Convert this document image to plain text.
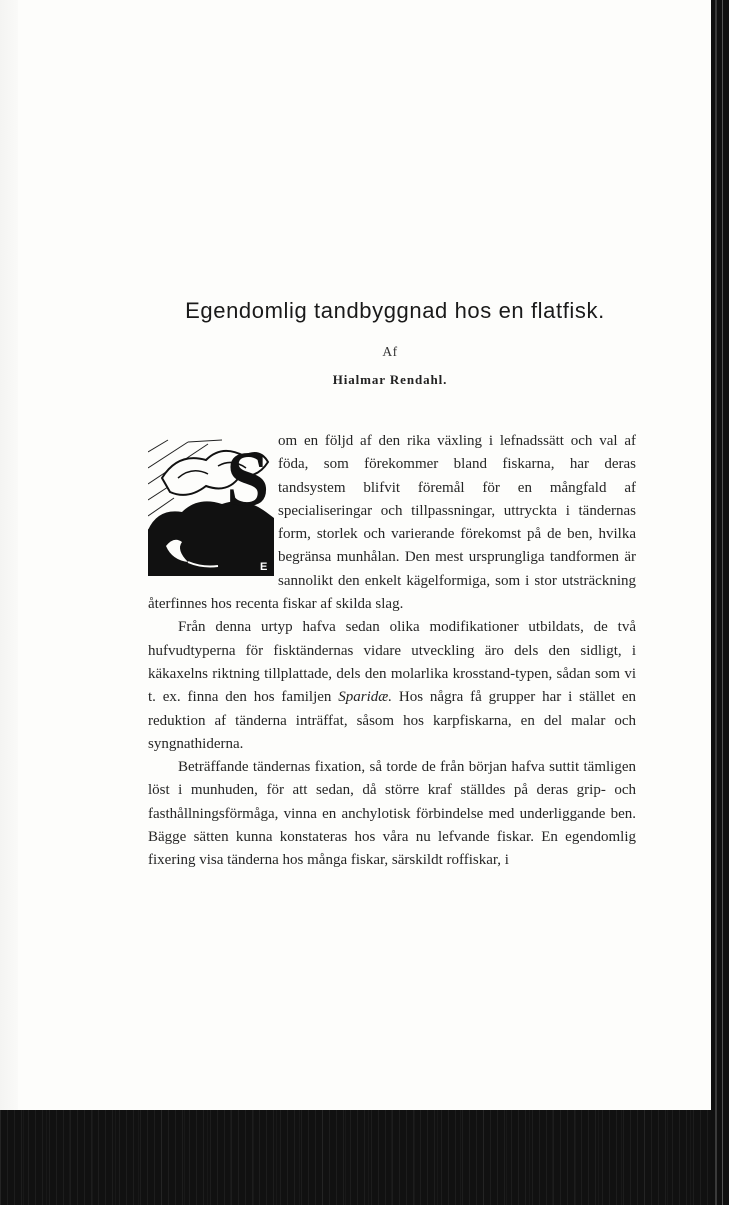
Egendomlig tandbyggnad hos en flatfisk.
Af
Hialmar Rendahl.

S
E
om en följd af den rika växling i lefnadssätt och val af föda, som förekommer bland fiskarna, har deras tandsystem blifvit föremål för en mångfald af specialiseringar och tillpassningar, uttryckta i tändernas form, storlek och varierande förekomst på de ben, hvilka begränsa munhålan. Den mest ursprungliga tandformen är sannolikt den enkelt kägelformiga, som i stor utsträckning återfinnes hos recenta fiskar af skilda slag.

Från denna urtyp hafva sedan olika modifikationer utbildats, de två hufvudtyperna för fisktändernas vidare utveckling äro dels den sidligt, i käkaxelns riktning tillplattade, dels den molarlika krosstand-typen, sådan som vi t. ex. finna den hos familjen Sparidæ. Hos några få grupper har i stället en reduktion af tänderna inträffat, såsom hos karpfiskarna, en del malar och syngnathiderna.

Beträffande tändernas fixation, så torde de från början hafva suttit tämligen löst i munhuden, för att sedan, då större kraf ställdes på deras grip- och fasthållningsförmåga, vinna en anchylotisk förbindelse med underliggande ben. Bägge sätten kunna konstateras hos våra nu lefvande fiskar. En egendomlig fixering visa tänderna hos många fiskar, särskildt roffiskar, i
